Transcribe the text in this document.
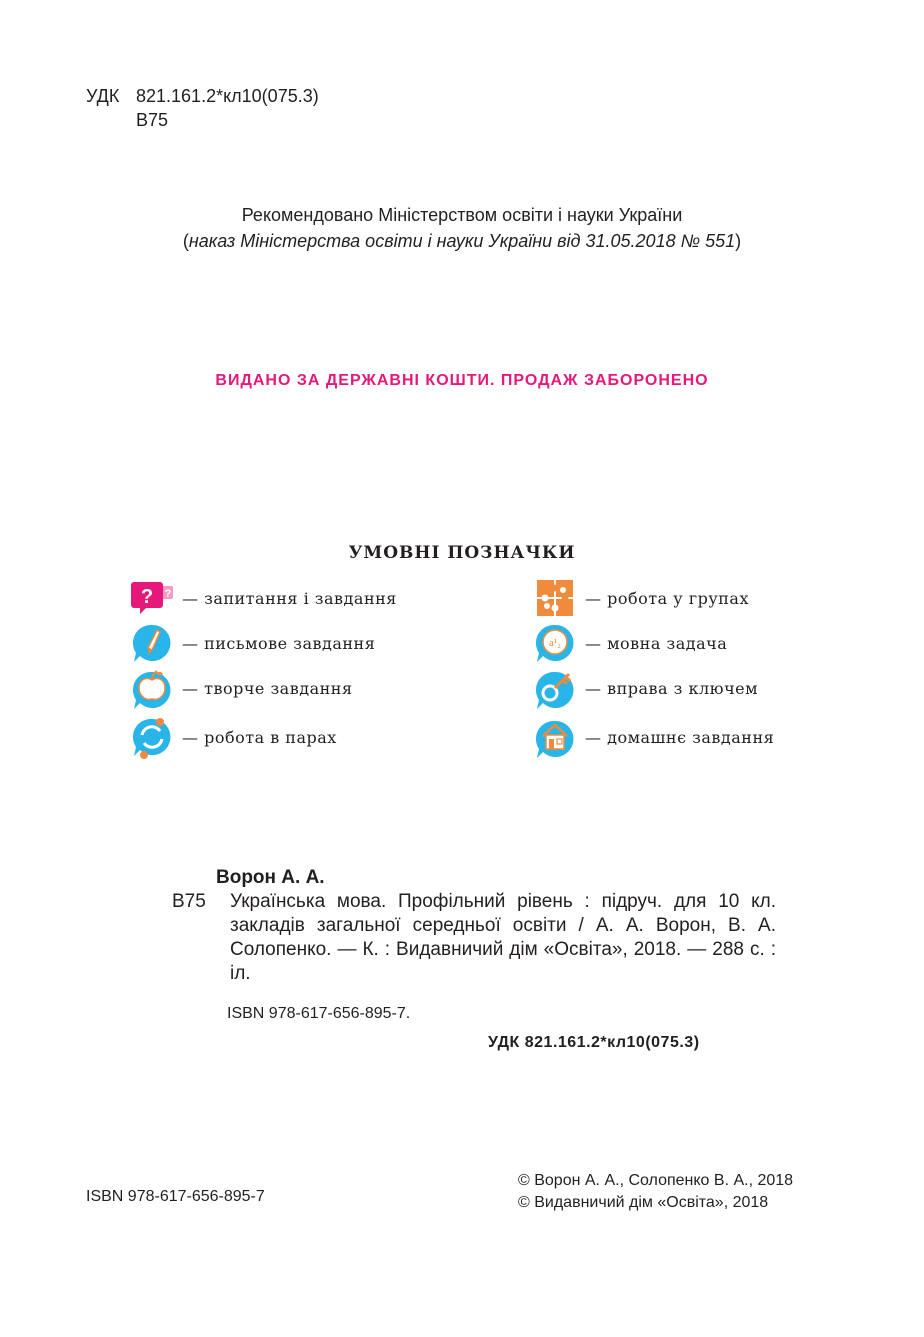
УДК 821.161.2*кл10(075.3)
В75
Рекомендовано Міністерством освіти і науки України
(наказ Міністерства освіти і науки України від 31.05.2018 № 551)
ВИДАНО ЗА ДЕРЖАВНІ КОШТИ. ПРОДАЖ ЗАБОРОНЕНО
УМОВНІ ПОЗНАЧКИ
? ? — запитання і завдання
— письмове завдання
— творче завдання
— робота в парах
— робота у групах
a¹₂ — мовна задача
— вправа з ключем
— домашнє завдання
Ворон А. А.
В75	Українська мова. Профільний рівень : підруч. для 10 кл. закладів загальної середньої освіти / А. А. Ворон, В. А. Солопенко. — К. : Видавничий дім «Освіта», 2018. — 288 с. : іл.
ISBN 978-617-656-895-7.
УДК 821.161.2*кл10(075.3)
ISBN 978-617-656-895-7
© Ворон А. А., Солопенко В. А., 2018
© Видавничий дім «Освіта», 2018
